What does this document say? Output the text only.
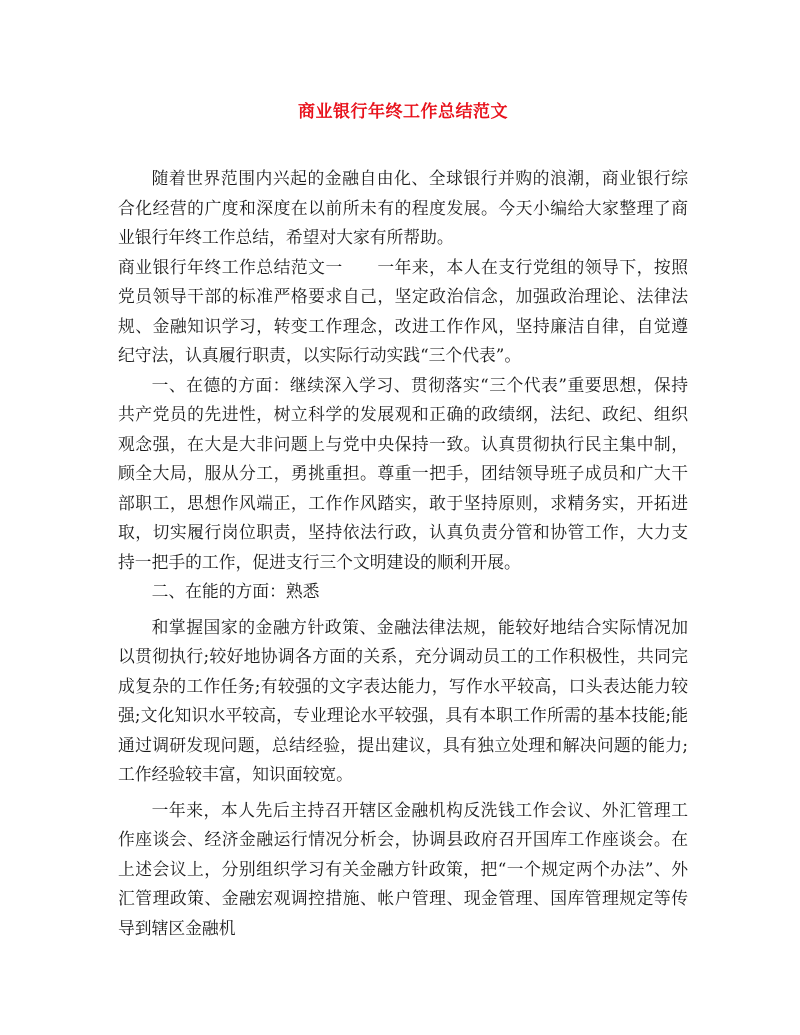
商业银行年终工作总结范文

随着世界范围内兴起的金融自由化、全球银行并购的浪潮，商业银行综合化经营的广度和深度在以前所未有的程度发展。今天小编给大家整理了商业银行年终工作总结，希望对大家有所帮助。

商业银行年终工作总结范文一　　一年来，本人在支行党组的领导下，按照党员领导干部的标准严格要求自己，坚定政治信念，加强政治理论、法律法规、金融知识学习，转变工作理念，改进工作作风，坚持廉洁自律，自觉遵纪守法，认真履行职责，以实际行动实践“三个代表”。

一、在德的方面：继续深入学习、贯彻落实“三个代表”重要思想，保持共产党员的先进性，树立科学的发展观和正确的政绩纲，法纪、政纪、组织观念强，在大是大非问题上与党中央保持一致。认真贯彻执行民主集中制，顾全大局，服从分工，勇挑重担。尊重一把手，团结领导班子成员和广大干部职工，思想作风端正，工作作风踏实，敢于坚持原则，求精务实，开拓进取，切实履行岗位职责，坚持依法行政，认真负责分管和协管工作，大力支持一把手的工作，促进支行三个文明建设的顺利开展。

二、在能的方面：熟悉

和掌握国家的金融方针政策、金融法律法规，能较好地结合实际情况加以贯彻执行;较好地协调各方面的关系，充分调动员工的工作积极性，共同完成复杂的工作任务;有较强的文字表达能力，写作水平较高，口头表达能力较强;文化知识水平较高，专业理论水平较强，具有本职工作所需的基本技能;能通过调研发现问题，总结经验，提出建议，具有独立处理和解决问题的能力;工作经验较丰富，知识面较宽。

一年来，本人先后主持召开辖区金融机构反洗钱工作会议、外汇管理工作座谈会、经济金融运行情况分析会，协调县政府召开国库工作座谈会。在上述会议上，分别组织学习有关金融方针政策，把“一个规定两个办法”、外汇管理政策、金融宏观调控措施、帐户管理、现金管理、国库管理规定等传导到辖区金融机
